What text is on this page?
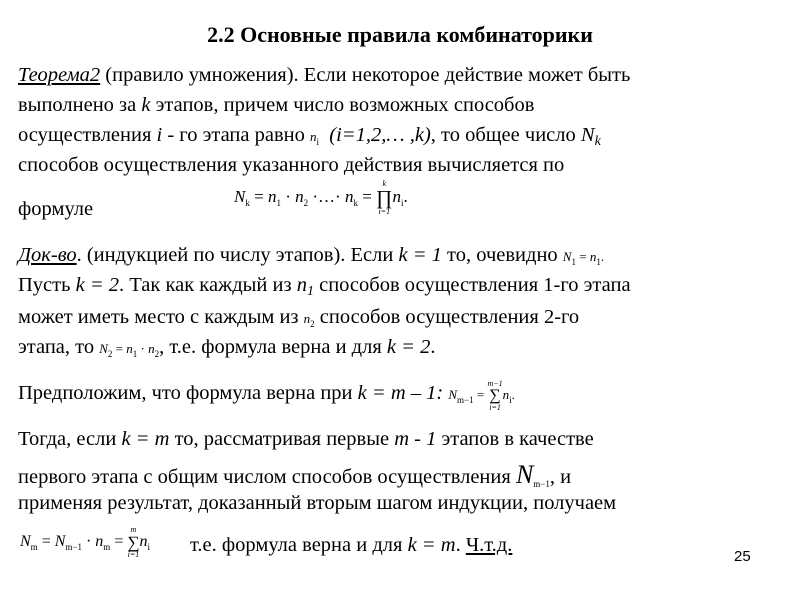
2.2 Основные правила комбинаторики
Теорема2 (правило умножения). Если некоторое действие может быть
выполнено за k этапов, причем число возможных способов
осуществления i - го этапа равно $n_i$ (i=1,2,… ,k), то общее число Nk
способов осуществления указанного действия вычисляется по
формуле
$N_k = n_1 \cdot n_2$ ·…· $n_k$ =
k
∏
i=1
$n_i$.
Док-во. (индукцией по числу этапов). Если k = 1 то, очевидно $N_1 = n_1$.
Пусть k = 2. Так как каждый из n1 способов осуществления 1-го этапа
может иметь место с каждым из $n_2$ способов осуществления 2-го
этапа, то $N_2 = n_1 \cdot n_2$, т.е. формула верна и для k = 2.
Предположим, что формула верна при k = m – 1: $N_{m-1}$ =
m−1
∑
i=1
$n_i$.
Тогда, если k = m то, рассматривая первые m - 1 этапов в качестве
первого этапа с общим числом способов осуществления $N_{m-1}$, и
применяя результат, доказанный вторым шагом индукции, получаем
$N_m = N_{m-1} \cdot n_m$ =
m
∑
i=1
$n_i$ т.е. формула верна и для k = m. Ч.т.д.
25
